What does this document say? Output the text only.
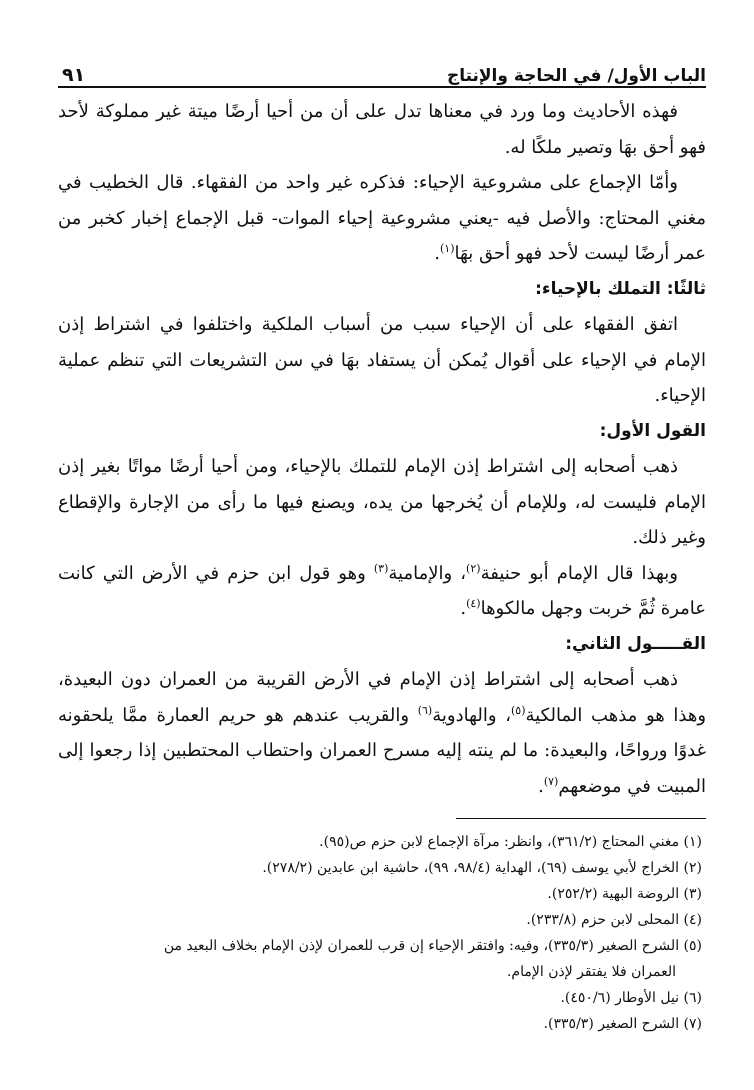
الباب الأول/ في الحاجة والإنتاج
٩١

فهذه الأحاديث وما ورد في معناها تدل على أن من أحيا أرضًا ميتة غير مملوكة لأحد فهو أحق بهَا وتصير ملكًا له.

وأمّا الإجماع على مشروعية الإحياء: فذكره غير واحد من الفقهاء. قال الخطيب في مغني المحتاج: والأصل فيه -يعني مشروعية إحياء الموات- قبل الإجماع إخبار كخبر من عمر أرضًا ليست لأحد فهو أحق بهَا$^{(١)}$.

ثالثًا: التملك بالإحياء:

اتفق الفقهاء على أن الإحياء سبب من أسباب الملكية واختلفوا في اشتراط إذن الإمام في الإحياء على أقوال يُمكن أن يستفاد بهَا في سن التشريعات التي تنظم عملية الإحياء.

القول الأول:

ذهب أصحابه إلى اشتراط إذن الإمام للتملك بالإحياء، ومن أحيا أرضًا مواتًا بغير إذن الإمام فليست له، وللإمام أن يُخرجها من يده، ويصنع فيها ما رأى من الإجارة والإقطاع وغير ذلك.

وبهذا قال الإمام أبو حنيفة$^{(٢)}$، والإمامية$^{(٣)}$ وهو قول ابن حزم في الأرض التي كانت عامرة ثُمَّ خربت وجهل مالكوها$^{(٤)}$.

القـــــول الثاني:

ذهب أصحابه إلى اشتراط إذن الإمام في الأرض القريبة من العمران دون البعيدة، وهذا هو مذهب المالكية$^{(٥)}$، والهادوية$^{(٦)}$ والقريب عندهم هو حريم العمارة ممَّا يلحقونه غدوًا ورواحًا، والبعيدة: ما لم ينته إليه مسرح العمران واحتطاب المحتطبين إذا رجعوا إلى المبيت في موضعهم$^{(٧)}$.

(١) مغني المحتاج (٣٦١/٢)، وانظر: مرآة الإجماع لابن حزم ص(٩٥).

(٢) الخراج لأبي يوسف (٦٩)، الهداية (٩٨/٤، ٩٩)، حاشية ابن عابدين (٢٧٨/٢).

(٣) الروضة البهية (٢٥٢/٢).

(٤) المحلى لابن حزم (٢٣٣/٨).

(٥) الشرح الصغير (٣٣٥/٣)، وفيه: وافتقر الإحياء إن قرب للعمران لإذن الإمام بخلاف البعيد من

العمران فلا يفتقر لإذن الإمام.

(٦) نيل الأوطار (٤٥٠/٦).

(٧) الشرح الصغير (٣٣٥/٣).
